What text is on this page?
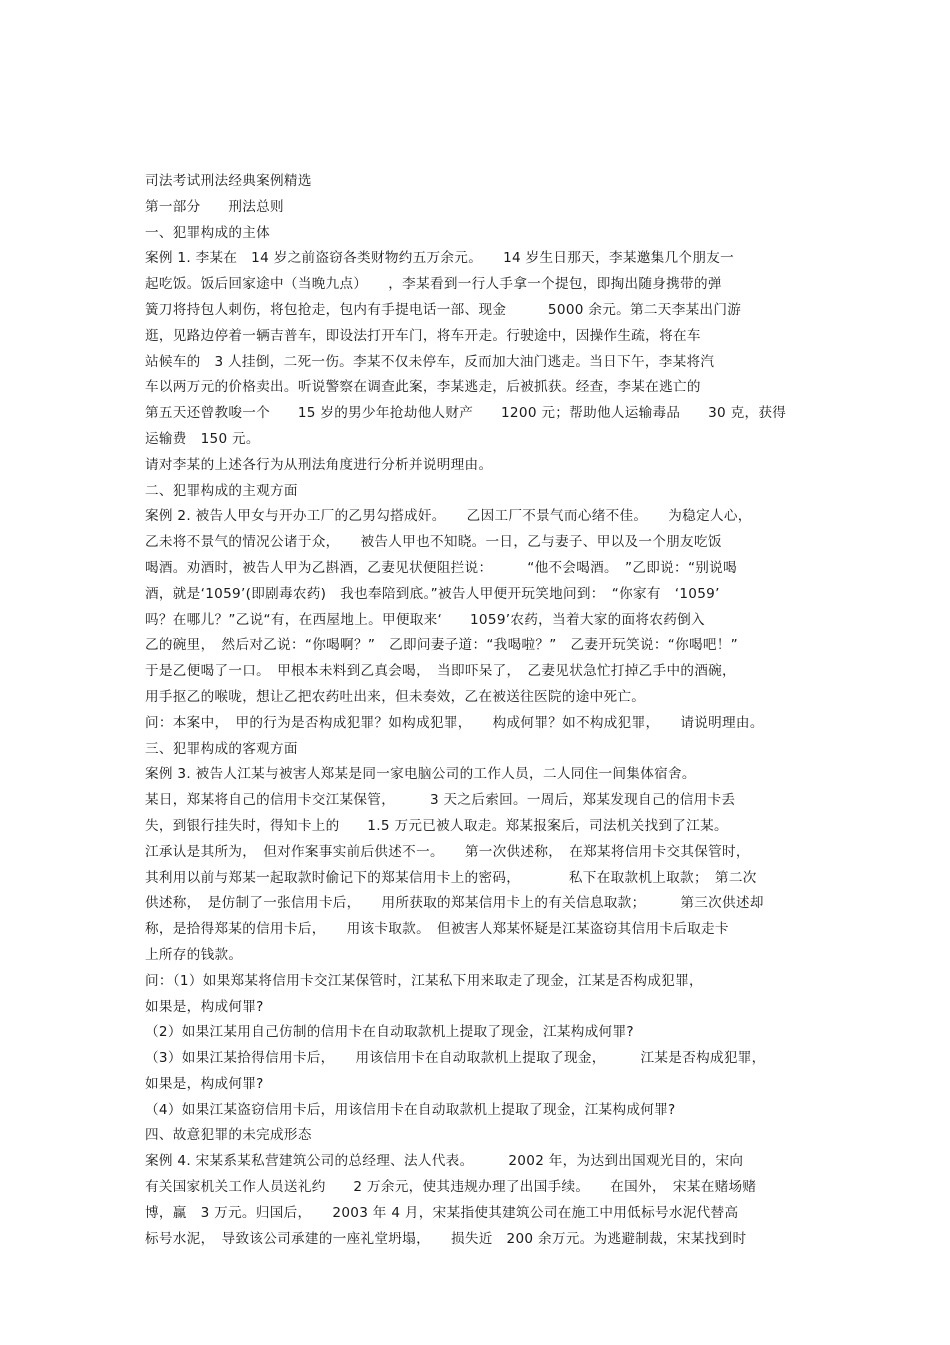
司法考试刑法经典案例精选
第一部分　　刑法总则
一、犯罪构成的主体
案例 1. 李某在　14 岁之前盗窃各类财物约五万余元。　　14 岁生日那天，李某邀集几个朋友一
起吃饭。饭后回家途中（当晚九点）　　，李某看到一行人手拿一个提包，即掏出随身携带的弹
簧刀将持包人刺伤，将包抢走，包内有手提电话一部、现金　　　5000 余元。第二天李某出门游
逛，见路边停着一辆吉普车，即设法打开车门，将车开走。行驶途中，因操作生疏，将在车
站候车的　3 人挂倒，二死一伤。李某不仅未停车，反而加大油门逃走。当日下午，李某将汽
车以两万元的价格卖出。听说警察在调查此案，李某逃走，后被抓获。经查，李某在逃亡的
第五天还曾教唆一个　　15 岁的男少年抢劫他人财产　　1200 元；帮助他人运输毒品　　30 克，获得
运输费　150 元。
请对李某的上述各行为从刑法角度进行分析并说明理由。
二、犯罪构成的主观方面
案例 2. 被告人甲女与开办工厂的乙男勾搭成奸。　　乙因工厂不景气而心绪不佳。　　为稳定人心，
乙未将不景气的情况公诸于众，　　被告人甲也不知晓。一日，乙与妻子、甲以及一个朋友吃饭
喝酒。劝酒时，被告人甲为乙斟酒，乙妻见状便阻拦说：　　　“他不会喝酒。　”乙即说：“别说喝
酒，就是‘1059’(即剧毒农药)　我也奉陪到底。”被告人甲便开玩笑地问到：　“你家有　‘1059’
吗？在哪儿？”乙说“有，在西屋地上。甲便取来‘　　1059’农药，当着大家的面将农药倒入
乙的碗里，　然后对乙说：“你喝啊？”　乙即问妻子道：“我喝啦？”　乙妻开玩笑说：“你喝吧！”
于是乙便喝了一口。　甲根本未料到乙真会喝，　当即吓呆了，　乙妻见状急忙打掉乙手中的酒碗，
用手抠乙的喉咙，想让乙把农药吐出来，但未奏效，乙在被送往医院的途中死亡。
问：本案中，　甲的行为是否构成犯罪？如构成犯罪，　　构成何罪？如不构成犯罪，　　请说明理由。
三、犯罪构成的客观方面
案例 3. 被告人江某与被害人郑某是同一家电脑公司的工作人员，二人同住一间集体宿舍。
某日，郑某将自己的信用卡交江某保管，　　　3 天之后索回。一周后，郑某发现自己的信用卡丢
失，到银行挂失时，得知卡上的　　1.5 万元已被人取走。郑某报案后，司法机关找到了江某。
江承认是其所为，　但对作案事实前后供述不一。　　第一次供述称，　在郑某将信用卡交其保管时，
其利用以前与郑某一起取款时偷记下的郑某信用卡上的密码，　　　　私下在取款机上取款；　第二次
供述称，　是仿制了一张信用卡后，　　用所获取的郑某信用卡上的有关信息取款；　　　第三次供述却
称，是拾得郑某的信用卡后，　　用该卡取款。　但被害人郑某怀疑是江某盗窃其信用卡后取走卡
上所存的钱款。
问：（1）如果郑某将信用卡交江某保管时，江某私下用来取走了现金，江某是否构成犯罪，
如果是，构成何罪?
（2）如果江某用自己仿制的信用卡在自动取款机上提取了现金，江某构成何罪?
（3）如果江某拾得信用卡后，　　用该信用卡在自动取款机上提取了现金，　　　江某是否构成犯罪，
如果是，构成何罪?
（4）如果江某盗窃信用卡后，用该信用卡在自动取款机上提取了现金，江某构成何罪?
四、故意犯罪的未完成形态
案例 4. 宋某系某私营建筑公司的总经理、法人代表。　　　2002 年，为达到出国观光目的，宋向
有关国家机关工作人员送礼约　　2 万余元，使其违规办理了出国手续。　　在国外，　宋某在赌场赌
博，赢　3 万元。归国后，　　2003 年 4 月，宋某指使其建筑公司在施工中用低标号水泥代替高
标号水泥，　导致该公司承建的一座礼堂坍塌，　　损失近　200 余万元。为逃避制裁，宋某找到时
